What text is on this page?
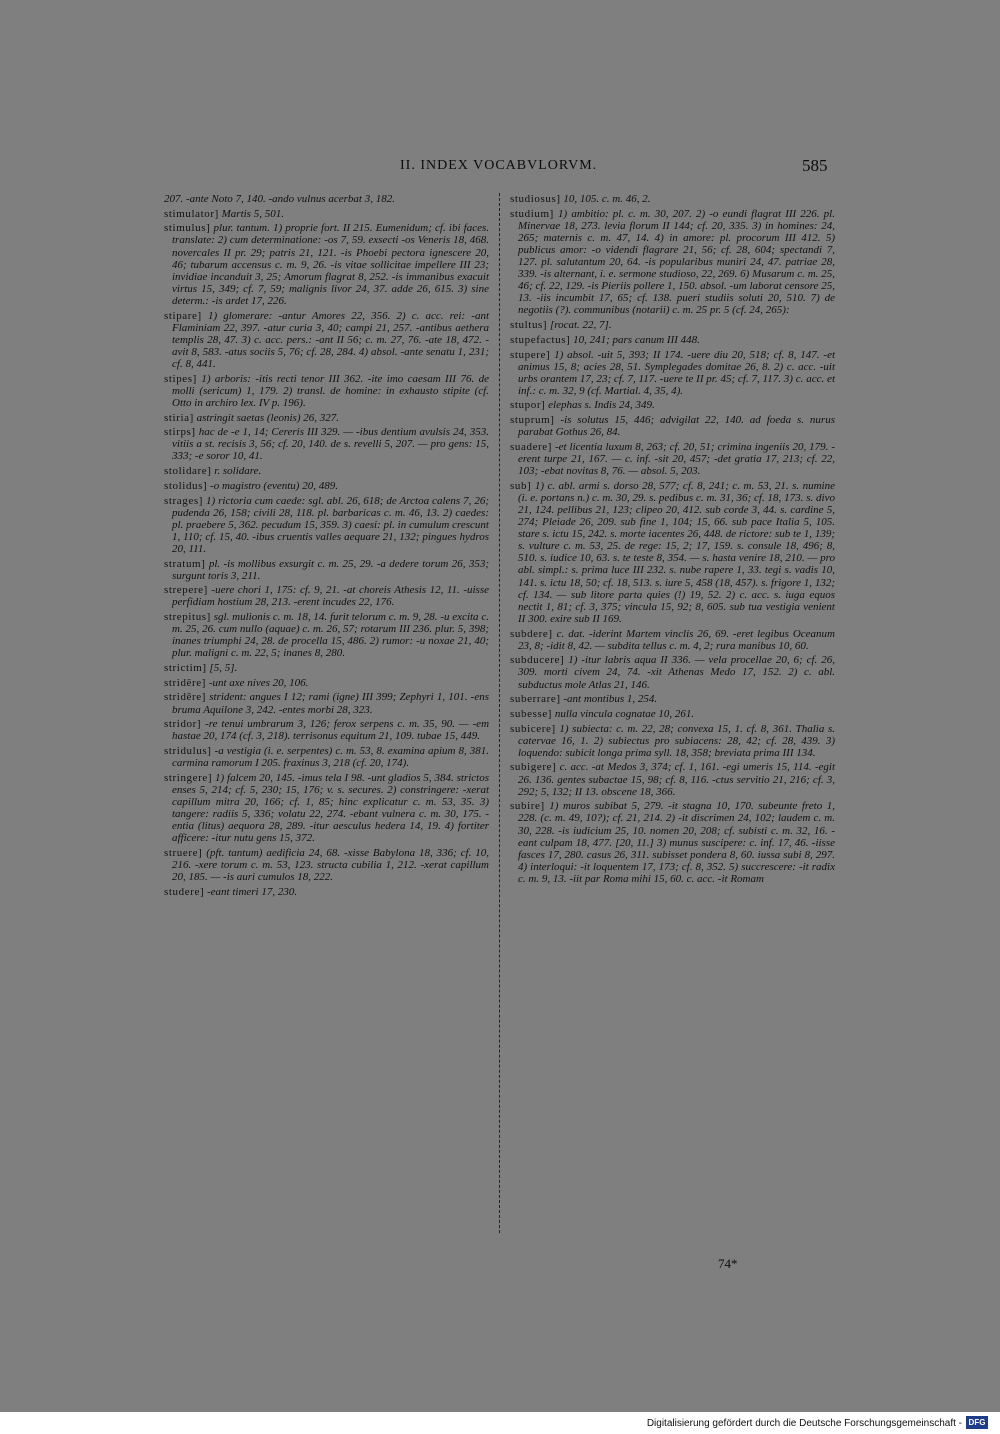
II. INDEX VOCABVLORVM.	585
207. -ante Noto 7, 140. -ando vulnus acerbat 3, 182.
stimulator] Martis 5, 501.
stimulus] plur. tantum. 1) proprie fort. II 215. Eumenidum; cf. ibi faces. translate: 2) cum determinatione: -os 7, 59. exsecti -os Veneris 18, 468. novercales II pr. 29; patris 21, 121. -is Phoebi pectora ignescere 20, 46; tubarum accensus c. m. 9, 26. -is vitae sollicitae impellere III 23; invidiae incanduit 3, 25; Amorum flagrat 8, 252. -is immanibus exacuit virtus 15, 349; cf. 7, 59; malignis livor 24, 37. adde 26, 615. 3) sine determ.: -is ardet 17, 226.
stipare] 1) glomerare: -antur Amores 22, 356. 2) c. acc. rei: -ant Flaminiam 22, 397. -atur curia 3, 40; campi 21, 257. -antibus aethera templis 28, 47. 3) c. acc. pers.: -ant II 56; c. m. 27, 76. -ate 18, 472. -avit 8, 583. -atus sociis 5, 76; cf. 28, 284. 4) absol. -ante senatu 1, 231; cf. 8, 441.
stipes] 1) arboris: -itis recti tenor III 362. -ite imo caesam III 76. de molli (sericum) 1, 179. 2) transl. de homine: in exhausto stipite (cf. Otto in archiro lex. IV p. 196).
stiria] astringit saetas (leonis) 26, 327.
stirps] hac de -e 1, 14; Cereris III 329. — -ibus dentium avulsis 24, 353. vitiis a st. recisis 3, 56; cf. 20, 140. de s. revelli 5, 207. — pro gens: 15, 333; -e soror 10, 41.
stolidare] r. solidare.
stolidus] -o magistro (eventu) 20, 489.
strages] 1) rictoria cum caede: sgl. abl. 26, 618; de Arctoa calens 7, 26; pudenda 26, 158; civili 28, 118. pl. barbaricas c. m. 46, 13. 2) caedes: pl. praebere 5, 362. pecudum 15, 359. 3) caesi: pl. in cumulum crescunt 1, 110; cf. 15, 40. -ibus cruentis valles aequare 21, 132; pingues hydros 20, 111.
stratum] pl. -is mollibus exsurgit c. m. 25, 29. -a dedere torum 26, 353; surgunt toris 3, 211.
strepere] -uere chori 1, 175: cf. 9, 21. -at choreis Athesis 12, 11. -uisse perfidiam hostium 28, 213. -erent incudes 22, 176.
strepitus] sgl. mulionis c. m. 18, 14. furit telorum c. m. 9, 28. -u excita c. m. 25, 26. cum nullo (aquae) c. m. 26, 57; rotarum III 236. plur. 5, 398; inanes triumphi 24, 28. de procella 15, 486. 2) rumor: -u noxae 21, 40; plur. maligni c. m. 22, 5; inanes 8, 280.
strictim] [5, 5].
stridēre] -unt axe nives 20, 106.
stridēre] strident: angues I 12; rami (igne) III 399; Zephyri 1, 101. -ens bruma Aquilone 3, 242. -entes morbi 28, 323.
stridor] -re tenui umbrarum 3, 126; ferox serpens c. m. 35, 90. — -em hastae 20, 174 (cf. 3, 218). terrisonus equitum 21, 109. tubae 15, 449.
stridulus] -a vestigia (i. e. serpentes) c. m. 53, 8. examina apium 8, 381. carmina ramorum I 205. fraxinus 3, 218 (cf. 20, 174).
stringere] 1) falcem 20, 145. -imus tela I 98. -unt gladios 5, 384. strictos enses 5, 214; cf. 5, 230; 15, 176; v. s. secures. 2) constringere: -xerat capillum mitra 20, 166; cf. 1, 85; hinc explicatur c. m. 53, 35. 3) tangere: radiis 5, 336; volatu 22, 274. -ebant vulnera c. m. 30, 175. -entia (litus) aequora 28, 289. -itur aesculus hedera 14, 19. 4) fortiter afficere: -itur nutu gens 15, 372.
struere] (pft. tantum) aedificia 24, 68. -xisse Babylona 18, 336; cf. 10, 216. -xere torum c. m. 53, 123. structa cubilia 1, 212. -xerat capillum 20, 185. — -is auri cumulos 18, 222.
studere] -eant timeri 17, 230.
studiosus] 10, 105. c. m. 46, 2.
studium] 1) ambitio: pl. c. m. 30, 207. 2) -o eundi flagrat III 226. pl. Minervae 18, 273. levia florum II 144; cf. 20, 335. 3) in homines: 24, 265; maternis c. m. 47, 14. 4) in amore: pl. procorum III 412. 5) publicus amor: -o videndi flagrare 21, 56; cf. 28, 604; spectandi 7, 127. pl. salutantum 20, 64. -is popularibus muniri 24, 47. patriae 28, 339. -is alternant, i. e. sermone studioso, 22, 269. 6) Musarum c. m. 25, 46; cf. 22, 129. -is Pieriis pollere 1, 150. absol. -um laborat censore 25, 13. -iis incumbit 17, 65; cf. 138. pueri studiis soluti 20, 510. 7) de negotiis (?). communibus (notarii) c. m. 25 pr. 5 (cf. 24, 265):
stultus] [rocat. 22, 7].
stupefactus] 10, 241; pars canum III 448.
stupere] 1) absol. -uit 5, 393; II 174. -uere diu 20, 518; cf. 8, 147. -et animus 15, 8; acies 28, 51. Symplegades domitae 26, 8. 2) c. acc. -uit urbs orantem 17, 23; cf. 7, 117. -uere te II pr. 45; cf. 7, 117. 3) c. acc. et inf.: c. m. 32, 9 (cf. Martial. 4, 35, 4).
stupor] elephas s. Indis 24, 349.
stuprum] -is solutus 15, 446; advigilat 22, 140. ad foeda s. nurus parabat Gothus 26, 84.
suadere] -et licentia luxum 8, 263; cf. 20, 51; crimina ingeniis 20, 179. -erent turpe 21, 167. — c. inf. -sit 20, 457; -det gratia 17, 213; cf. 22, 103; -ebat novitas 8, 76. — absol. 5, 203.
sub] 1) c. abl. armi s. dorso 28, 577; cf. 8, 241; c. m. 53, 21. s. numine (i. e. portans n.) c. m. 30, 29. s. pedibus c. m. 31, 36; cf. 18, 173. s. divo 21, 124. pellibus 21, 123; clipeo 20, 412. sub corde 3, 44. s. cardine 5, 274; Pleiade 26, 209. sub fine 1, 104; 15, 66. sub pace Italia 5, 105. stare s. ictu 15, 242. s. morte iacentes 26, 448. de rictore: sub te 1, 139; s. vulture c. m. 53, 25. de rege: 15, 2; 17, 159. s. consule 18, 496; 8, 510. s. iudice 10, 63. s. te teste 8, 354. — s. hasta venire 18, 210. — pro abl. simpl.: s. prima luce III 232. s. nube rapere 1, 33. tegi s. vadis 10, 141. s. ictu 18, 50; cf. 18, 513. s. iure 5, 458 (18, 457). s. frigore 1, 132; cf. 134. — sub litore parta quies (!) 19, 52. 2) c. acc. s. iuga equos nectit 1, 81; cf. 3, 375; vincula 15, 92; 8, 605. sub tua vestigia venient II 300. exire sub II 169.
subdere] c. dat. -iderint Martem vinclis 26, 69. -eret legibus Oceanum 23, 8; -idit 8, 42. — subdita tellus c. m. 4, 2; rura manibus 10, 60.
subducere] 1) -itur labris aqua II 336. — vela procellae 20, 6; cf. 26, 309. morti civem 24, 74. -xit Athenas Medo 17, 152. 2) c. abl. subductus mole Atlas 21, 146.
suberrare] -ant montibus 1, 254.
subesse] nulla vincula cognatae 10, 261.
subicere] 1) subiecta: c. m. 22, 28; convexa 15, 1. cf. 8, 361. Thalia s. catervae 16, 1. 2) subiectus pro subiacens: 28, 42; cf. 28, 439. 3) loquendo: subicit longa prima syll. 18, 358; breviata prima III 134.
subigere] c. acc. -at Medos 3, 374; cf. 1, 161. -egi umeris 15, 114. -egit 26. 136. gentes subactae 15, 98; cf. 8, 116. -ctus servitio 21, 216; cf. 3, 292; 5, 132; II 13. obscene 18, 366.
subire] 1) muros subibat 5, 279. -it stagna 10, 170. subeunte freto 1, 228. (c. m. 49, 10?); cf. 21, 214. 2) -it discrimen 24, 102; laudem c. m. 30, 228. -is iudicium 25, 10. nomen 20, 208; cf. subisti c. m. 32, 16. -eant culpam 18, 477. [20, 11.] 3) munus suscipere: c. inf. 17, 46. -iisse fasces 17, 280. casus 26, 311. subisset pondera 8, 60. iussa subi 8, 297. 4) interloqui: -it loquentem 17, 173; cf. 8, 352. 5) succrescere: -it radix c. m. 9, 13. -iit par Roma mihi 15, 60. c. acc. -it Romam
74*
Digitalisierung gefördert durch die Deutsche Forschungsgemeinschaft - DFG
